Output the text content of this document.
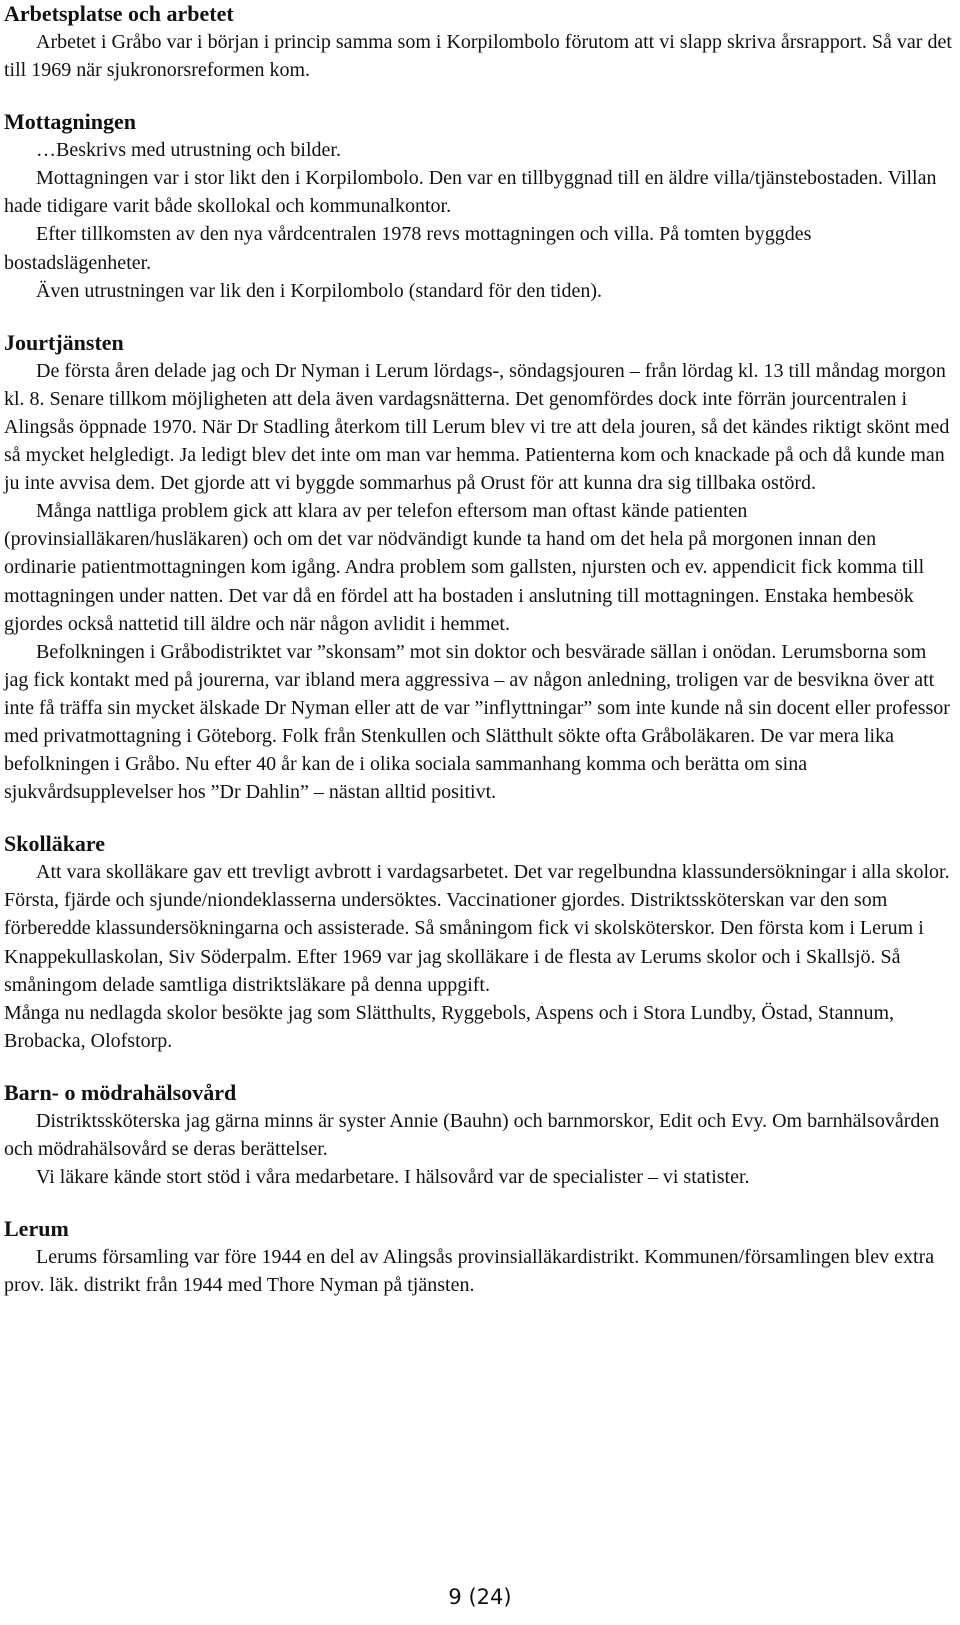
Arbetsplatse och arbetet

Arbetet i Gråbo var i början i princip samma som i Korpilombolo förutom att vi slapp skriva årsrapport. Så var det till 1969 när sjukronorsreformen kom.

Mottagningen

…Beskrivs med utrustning och bilder.

Mottagningen var i stor likt den i Korpilombolo. Den var en tillbyggnad till en äldre villa/tjänstebostaden. Villan hade tidigare varit både skollokal och kommunalkontor.

Efter tillkomsten av den nya vårdcentralen 1978 revs mottagningen och villa. På tomten byggdes bostadslägenheter.

Även utrustningen var lik den i Korpilombolo (standard för den tiden).

Jourtjänsten

De första åren delade jag och Dr Nyman i Lerum lördags-, söndagsjouren – från lördag kl. 13 till måndag morgon kl. 8. Senare tillkom möjligheten att dela även vardagsnätterna. Det genomfördes dock inte förrän jourcentralen i Alingsås öppnade 1970. När Dr Stadling återkom till Lerum blev vi tre att dela jouren, så det kändes riktigt skönt med så mycket helgledigt. Ja ledigt blev det inte om man var hemma. Patienterna kom och knackade på och då kunde man ju inte avvisa dem. Det gjorde att vi byggde sommarhus på Orust för att kunna dra sig tillbaka ostörd.

Många nattliga problem gick att klara av per telefon eftersom man oftast kände patienten (provinsialläkaren/husläkaren) och om det var nödvändigt kunde ta hand om det hela på morgonen innan den ordinarie patientmottagningen kom igång. Andra problem som gallsten, njursten och ev. appendicit fick komma till mottagningen under natten. Det var då en fördel att ha bostaden i anslutning till mottagningen. Enstaka hembesök gjordes också nattetid till äldre och när någon avlidit i hemmet.

Befolkningen i Gråbodistriktet var ”skonsam” mot sin doktor och besvärade sällan i onödan. Lerumsborna som jag fick kontakt med på jourerna, var ibland mera aggressiva – av någon anledning, troligen var de besvikna över att inte få träffa sin mycket älskade Dr Nyman eller att de var ”inflyttningar” som inte kunde nå sin docent eller professor med privatmottagning i Göteborg. Folk från Stenkullen och Slätthult sökte ofta Gråboläkaren. De var mera lika befolkningen i Gråbo. Nu efter 40 år kan de i olika sociala sammanhang komma och berätta om sina sjukvårdsupplevelser hos ”Dr Dahlin” – nästan alltid positivt.

Skolläkare

Att vara skolläkare gav ett trevligt avbrott i vardagsarbetet. Det var regelbundna klassundersökningar i alla skolor. Första, fjärde och sjunde/niondeklasserna undersöktes. Vaccinationer gjordes. Distriktssköterskan var den som förberedde klassundersökningarna och assisterade. Så småningom fick vi skolsköterskor. Den första kom i Lerum i Knappekullaskolan, Siv Söderpalm. Efter 1969 var jag skolläkare i de flesta av Lerums skolor och i Skallsjö. Så småningom delade samtliga distriktsläkare på denna uppgift.

Många nu nedlagda skolor besökte jag som Slätthults, Ryggebols, Aspens och i Stora Lundby, Östad, Stannum, Brobacka, Olofstorp.

Barn- o mödrahälsovård

Distriktssköterska jag gärna minns är syster Annie (Bauhn) och barnmorskor, Edit och Evy. Om barnhälsovården och mödrahälsovård se deras berättelser.

Vi läkare kände stort stöd i våra medarbetare. I hälsovård var de specialister – vi statister.

Lerum

Lerums församling var före 1944 en del av Alingsås provinsialläkardistrikt. Kommunen/församlingen blev extra prov. läk. distrikt från 1944 med Thore Nyman på tjänsten.

9 (24)
